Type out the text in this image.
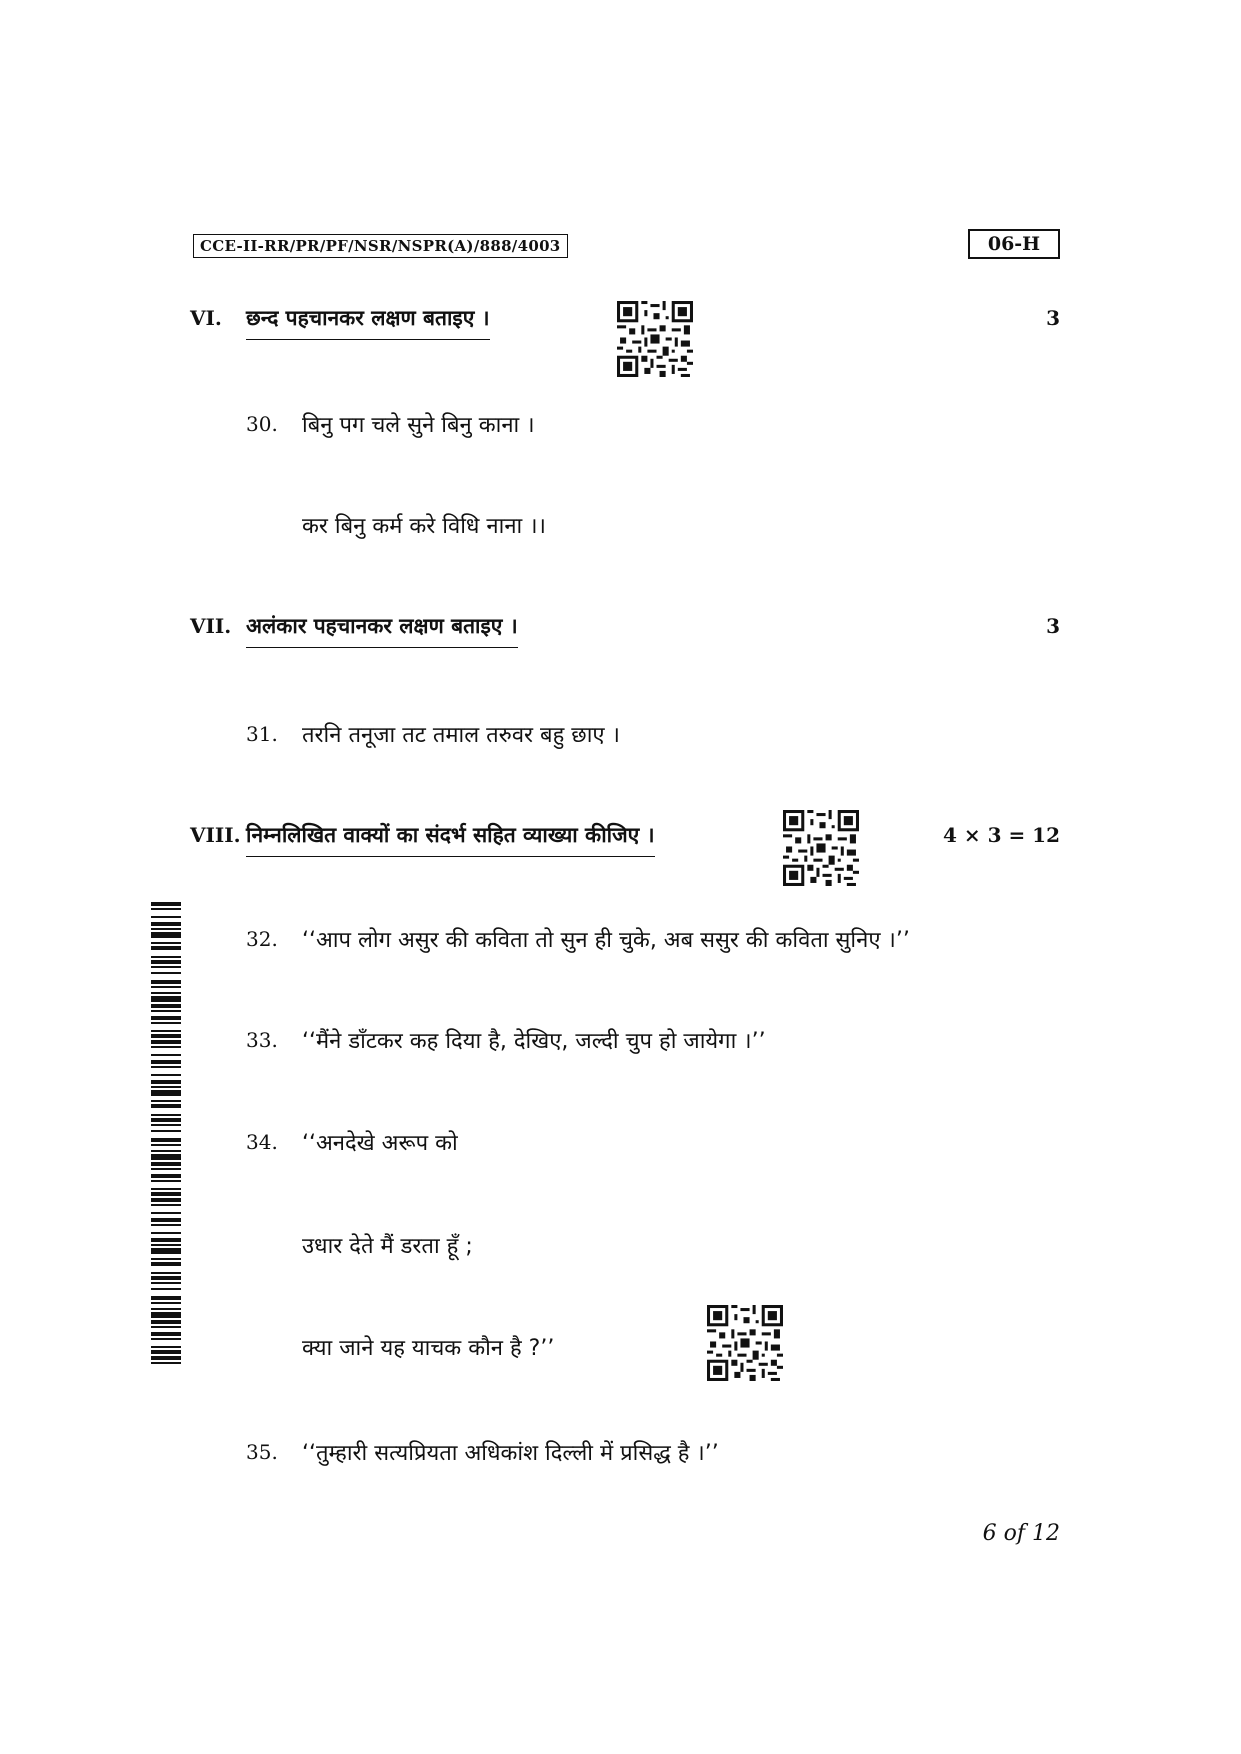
CCE-II-RR/PR/PF/NSR/NSPR(A)/888/4003	06-H
VI. छन्द पहचानकर लक्षण बताइए ।	3
30. बिनु पग चले सुने बिनु काना ।
कर बिनु कर्म करे विधि नाना ।।
VII. अलंकार पहचानकर लक्षण बताइए ।	3
31. तरनि तनूजा तट तमाल तरुवर बहु छाए ।
VIII. निम्नलिखित वाक्यों का संदर्भ सहित व्याख्या कीजिए ।	4 × 3 = 12
32. ‘‘आप लोग असुर की कविता तो सुन ही चुके, अब ससुर की कविता सुनिए ।’’
33. ‘‘मैंने डाँटकर कह दिया है, देखिए, जल्दी चुप हो जायेगा ।’’
34. ‘‘अनदेखे अरूप को
उधार देते मैं डरता हूँ ;
क्या जाने यह याचक कौन है ?’’
35. ‘‘तुम्हारी सत्यप्रियता अधिकांश दिल्ली में प्रसिद्ध है ।’’
6 of 12
